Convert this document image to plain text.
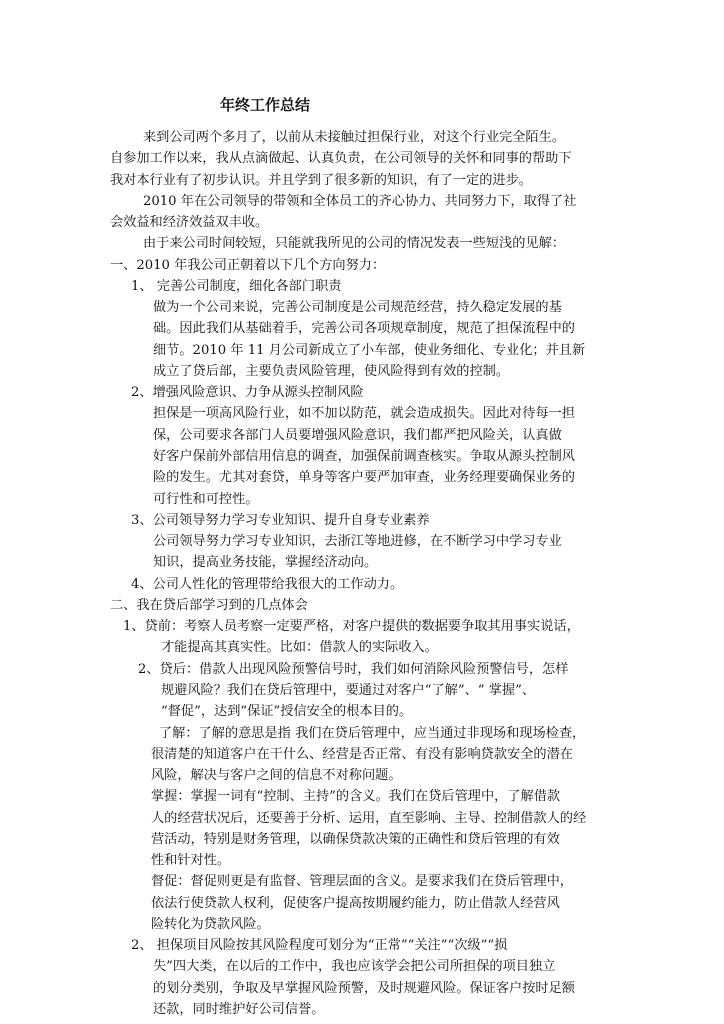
年终工作总结
来到公司两个多月了，以前从未接触过担保行业，对这个行业完全陌生。
自参加工作以来，我从点滴做起、认真负责，在公司领导的关怀和同事的帮助下
我对本行业有了初步认识。并且学到了很多新的知识，有了一定的进步。
2010 年在公司领导的带领和全体员工的齐心协力、共同努力下，取得了社
会效益和经济效益双丰收。
由于来公司时间较短，只能就我所见的公司的情况发表一些短浅的见解：
一、2010 年我公司正朝着以下几个方向努力：
1、 完善公司制度，细化各部门职责
做为一个公司来说，完善公司制度是公司规范经营，持久稳定发展的基
础。因此我们从基础着手，完善公司各项规章制度，规范了担保流程中的
细节。2010 年 11 月公司新成立了小车部，使业务细化、专业化；并且新
成立了贷后部，主要负责风险管理，使风险得到有效的控制。
2、增强风险意识、力争从源头控制风险
担保是一项高风险行业，如不加以防范，就会造成损失。因此对待每一担
保，公司要求各部门人员要增强风险意识，我们都严把风险关，认真做
好客户保前外部信用信息的调查，加强保前调查核实。争取从源头控制风
险的发生。尤其对套贷，单身等客户要严加审查，业务经理要确保业务的
可行性和可控性。
3、公司领导努力学习专业知识、提升自身专业素养
公司领导努力学习专业知识，去浙江等地进修，在不断学习中学习专业
知识，提高业务技能，掌握经济动向。
4、公司人性化的管理带给我很大的工作动力。
二、我在贷后部学习到的几点体会
1、贷前：考察人员考察一定要严格，对客户提供的数据要争取其用事实说话，
才能提高其真实性。比如：借款人的实际收入。
2、贷后：借款人出现风险预警信号时，我们如何消除风险预警信号，怎样
规避风险？我们在贷后管理中，要通过对客户“了解”、“ 掌握”、
“督促”，达到“保证”授信安全的根本目的。
了解：了解的意思是指 我们在贷后管理中，应当通过非现场和现场检查，
很清楚的知道客户在干什么、经营是否正常、有没有影响贷款安全的潜在
风险，解决与客户之间的信息不对称问题。
掌握：掌握一词有“控制、主持”的含义。我们在贷后管理中，了解借款
人的经营状况后，还要善于分析、运用，直至影响、主导、控制借款人的经
营活动，特别是财务管理，以确保贷款决策的正确性和贷后管理的有效
性和针对性。
督促：督促则更是有监督、管理层面的含义。是要求我们在贷后管理中，
依法行使贷款人权利，促使客户提高按期履约能力，防止借款人经营风
险转化为贷款风险。
2、 担保项目风险按其风险程度可划分为“正常”“关注”“次级”“损
失”四大类，在以后的工作中，我也应该学会把公司所担保的项目独立
的划分类别，争取及早掌握风险预警，及时规避风险。保证客户按时足额
还款，同时维护好公司信誉。
